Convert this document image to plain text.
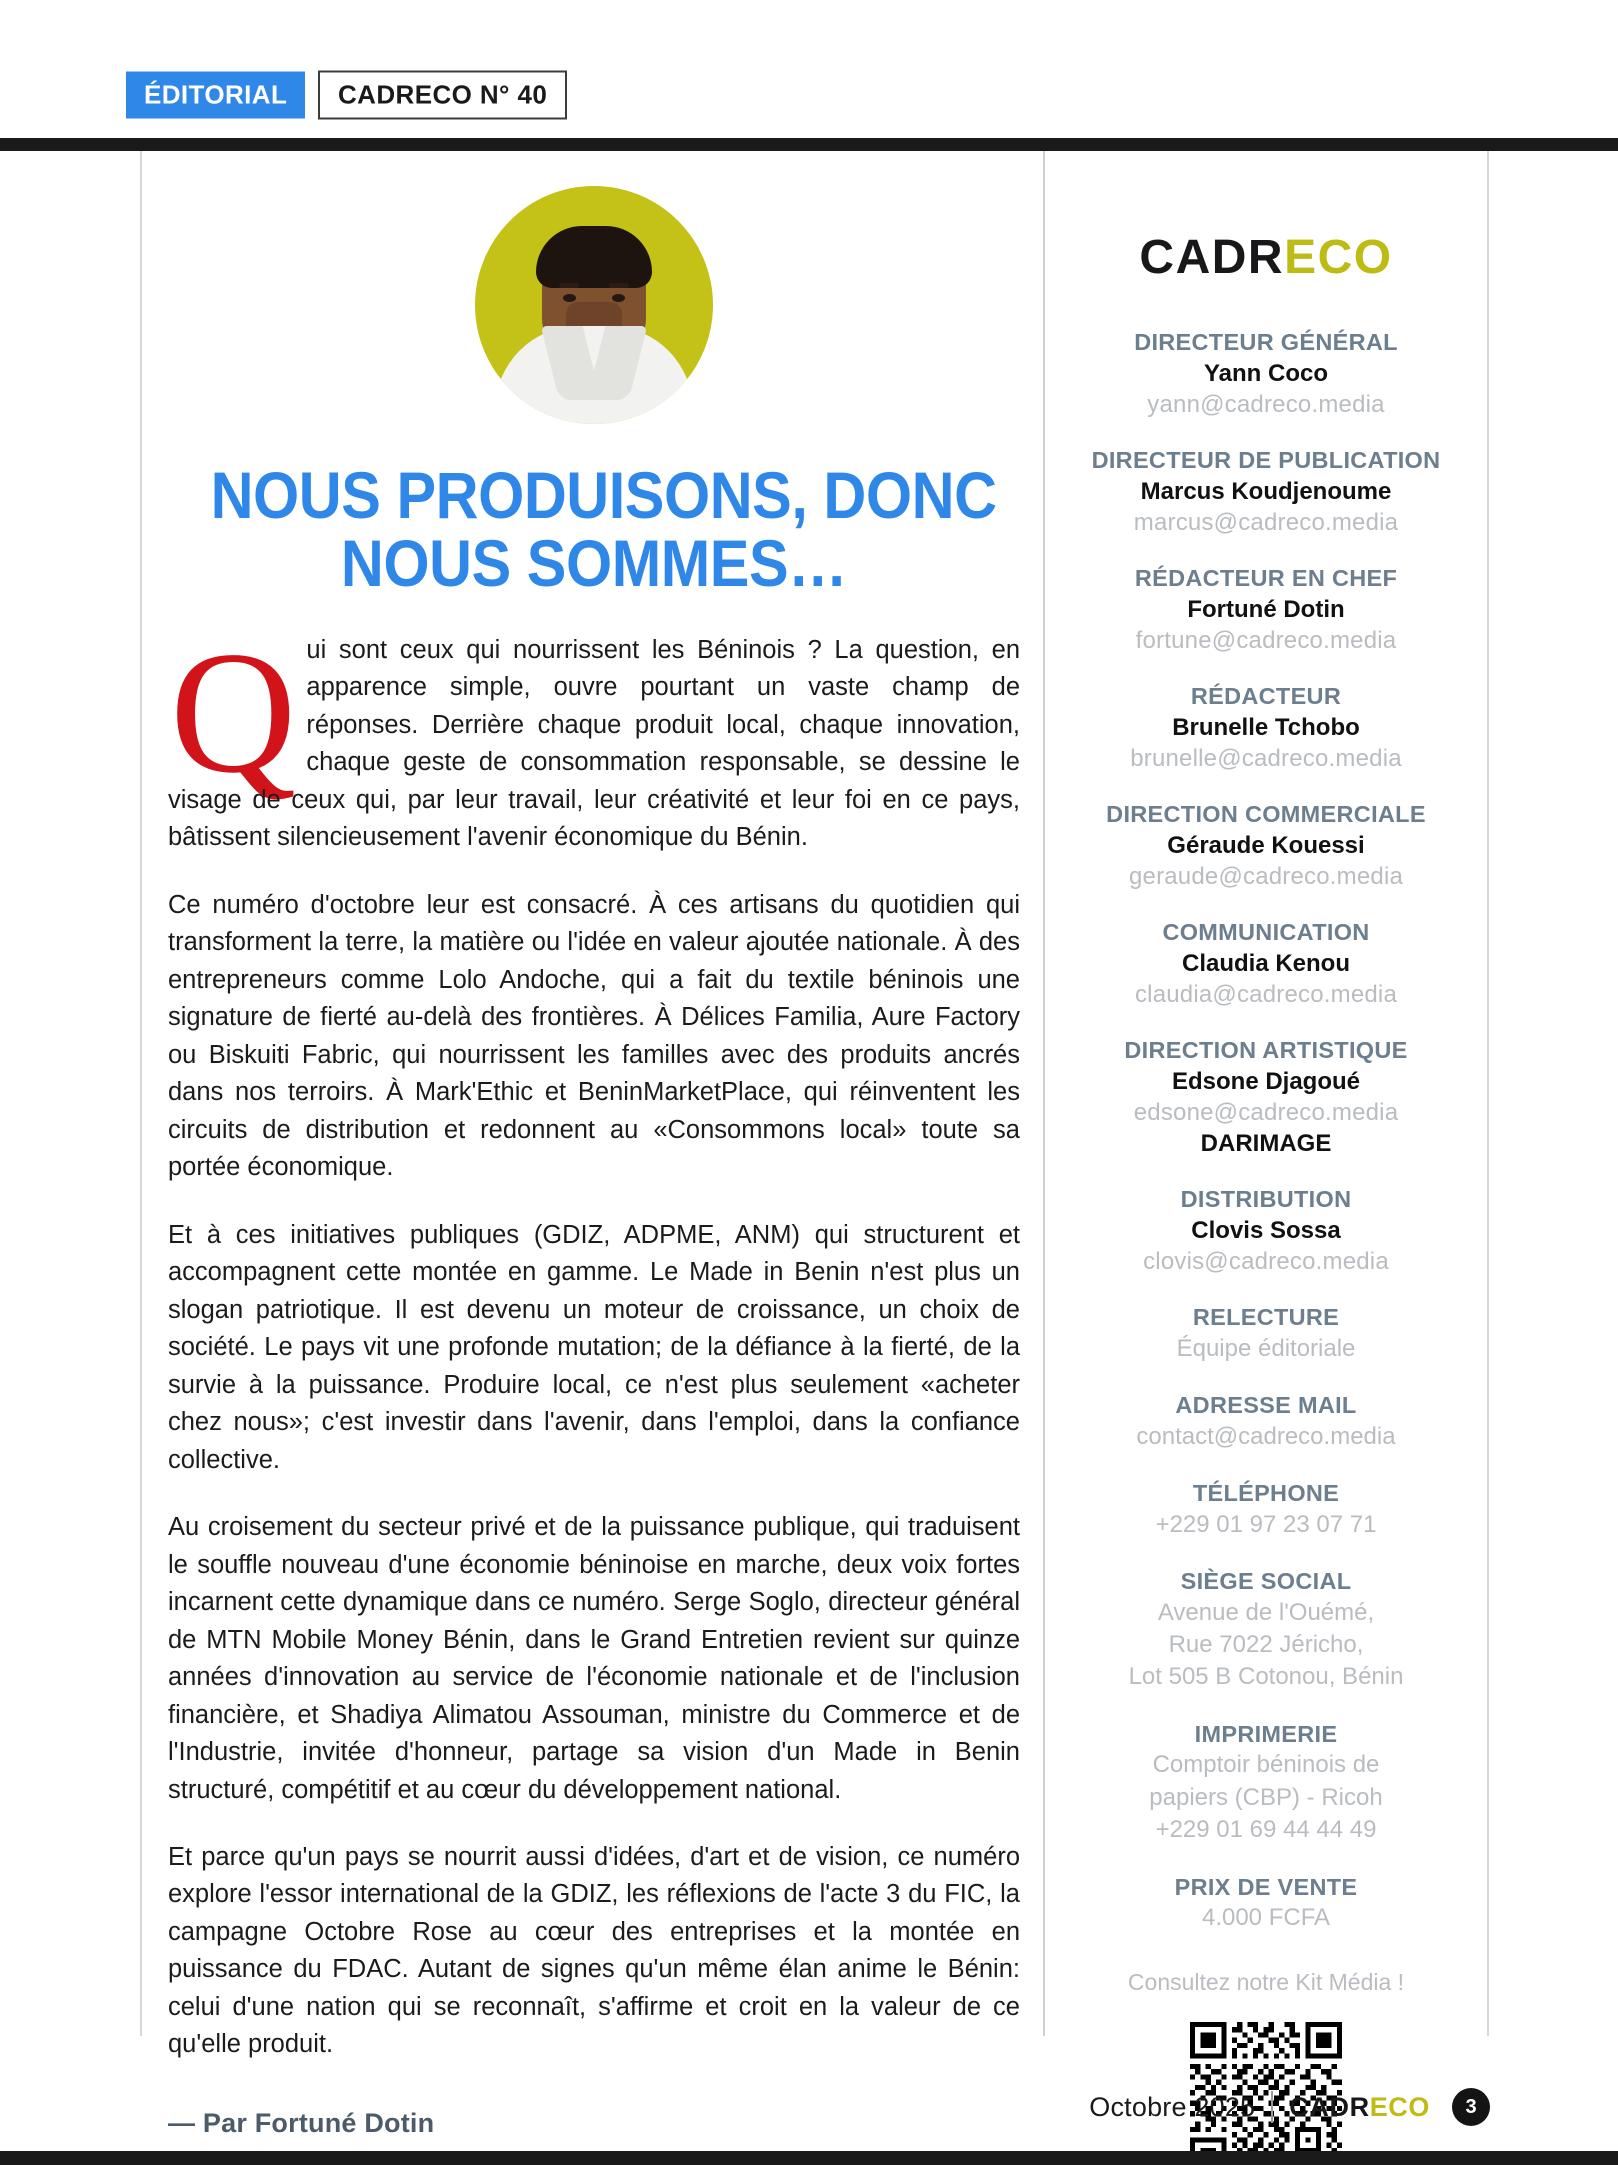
ÉDITORIAL	CADRECO N° 40
NOUS PRODUISONS, DONC
NOUS SOMMES…

Qui sont ceux qui nourrissent les Béninois ? La question, en apparence simple, ouvre pourtant un vaste champ de réponses. Derrière chaque produit local, chaque innovation, chaque geste de consommation responsable, se dessine le visage de ceux qui, par leur travail, leur créativité et leur foi en ce pays, bâtissent silencieusement l'avenir économique du Bénin.

Ce numéro d'octobre leur est consacré. À ces artisans du quotidien qui transforment la terre, la matière ou l'idée en valeur ajoutée nationale. À des entrepreneurs comme Lolo Andoche, qui a fait du textile béninois une signature de fierté au-delà des frontières. À Délices Familia, Aure Factory ou Biskuiti Fabric, qui nourrissent les familles avec des produits ancrés dans nos terroirs. À Mark'Ethic et BeninMarketPlace, qui réinventent les circuits de distribution et redonnent au «Consommons local» toute sa portée économique.

Et à ces initiatives publiques (GDIZ, ADPME, ANM) qui structurent et accompagnent cette montée en gamme. Le Made in Benin n'est plus un slogan patriotique. Il est devenu un moteur de croissance, un choix de société. Le pays vit une profonde mutation; de la défiance à la fierté, de la survie à la puissance. Produire local, ce n'est plus seulement «acheter chez nous»; c'est investir dans l'avenir, dans l'emploi, dans la confiance collective.

Au croisement du secteur privé et de la puissance publique, qui traduisent le souffle nouveau d'une économie béninoise en marche, deux voix fortes incarnent cette dynamique dans ce numéro. Serge Soglo, directeur général de MTN Mobile Money Bénin, dans le Grand Entretien revient sur quinze années d'innovation au service de l'économie nationale et de l'inclusion financière, et Shadiya Alimatou Assouman, ministre du Commerce et de l'Industrie, invitée d'honneur, partage sa vision d'un Made in Benin structuré, compétitif et au cœur du développement national.

Et parce qu'un pays se nourrit aussi d'idées, d'art et de vision, ce numéro explore l'essor international de la GDIZ, les réflexions de l'acte 3 du FIC, la campagne Octobre Rose au cœur des entreprises et la montée en puissance du FDAC. Autant de signes qu'un même élan anime le Bénin: celui d'une nation qui se reconnaît, s'affirme et croit en la valeur de ce qu'elle produit.

— Par Fortuné Dotin
CADRECO
DIRECTEUR GÉNÉRAL
Yann Coco
yann@cadreco.media
DIRECTEUR DE PUBLICATION
Marcus Koudjenoume
marcus@cadreco.media
RÉDACTEUR EN CHEF
Fortuné Dotin
fortune@cadreco.media
RÉDACTEUR
Brunelle Tchobo
brunelle@cadreco.media
DIRECTION COMMERCIALE
Géraude Kouessi
geraude@cadreco.media
COMMUNICATION
Claudia Kenou
claudia@cadreco.media
DIRECTION ARTISTIQUE
Edsone Djagoué
edsone@cadreco.media
DARIMAGE
DISTRIBUTION
Clovis Sossa
clovis@cadreco.media
RELECTURE
Équipe éditoriale
ADRESSE MAIL
contact@cadreco.media
TÉLÉPHONE
+229 01 97 23 07 71
SIÈGE SOCIAL
Avenue de l'Ouémé,
Rue 7022 Jéricho,
Lot 505 B Cotonou, Bénin
IMPRIMERIE
Comptoir béninois de
papiers (CBP) - Ricoh
+229 01 69 44 44 49
PRIX DE VENTE
4.000 FCFA
Consultez notre Kit Média !
Octobre 2025 CADRECO	3
